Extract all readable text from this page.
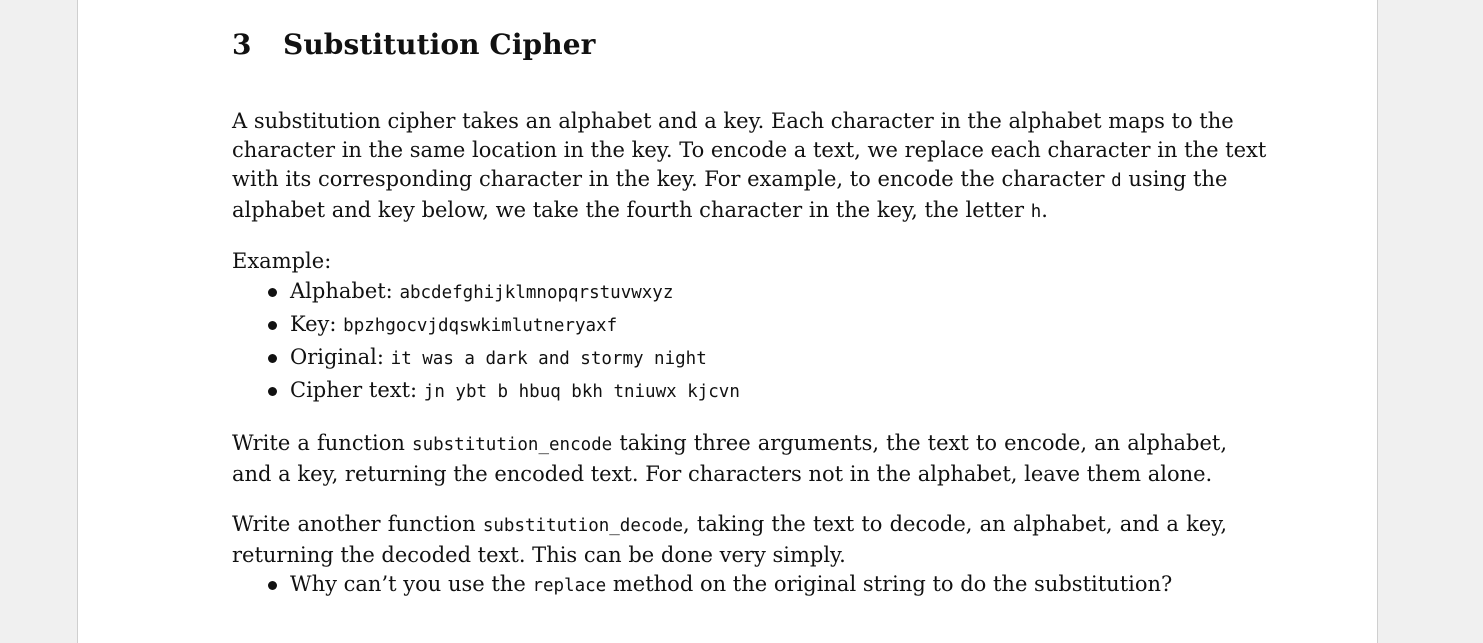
3 Substitution Cipher
A substitution cipher takes an alphabet and a key. Each character in the alphabet maps to the
character in the same location in the key. To encode a text, we replace each character in the text
with its corresponding character in the key. For example, to encode the character d using the
alphabet and key below, we take the fourth character in the key, the letter h.
Example:
Alphabet: abcdefghijklmnopqrstuvwxyz
Key: bpzhgocvjdqswkimlutneryaxf
Original: it was a dark and stormy night
Cipher text: jn ybt b hbuq bkh tniuwx kjcvn
Write a function substitution_encode taking three arguments, the text to encode, an alphabet,
and a key, returning the encoded text. For characters not in the alphabet, leave them alone.
Write another function substitution_decode, taking the text to decode, an alphabet, and a key,
returning the decoded text. This can be done very simply.
Why can’t you use the replace method on the original string to do the substitution?
